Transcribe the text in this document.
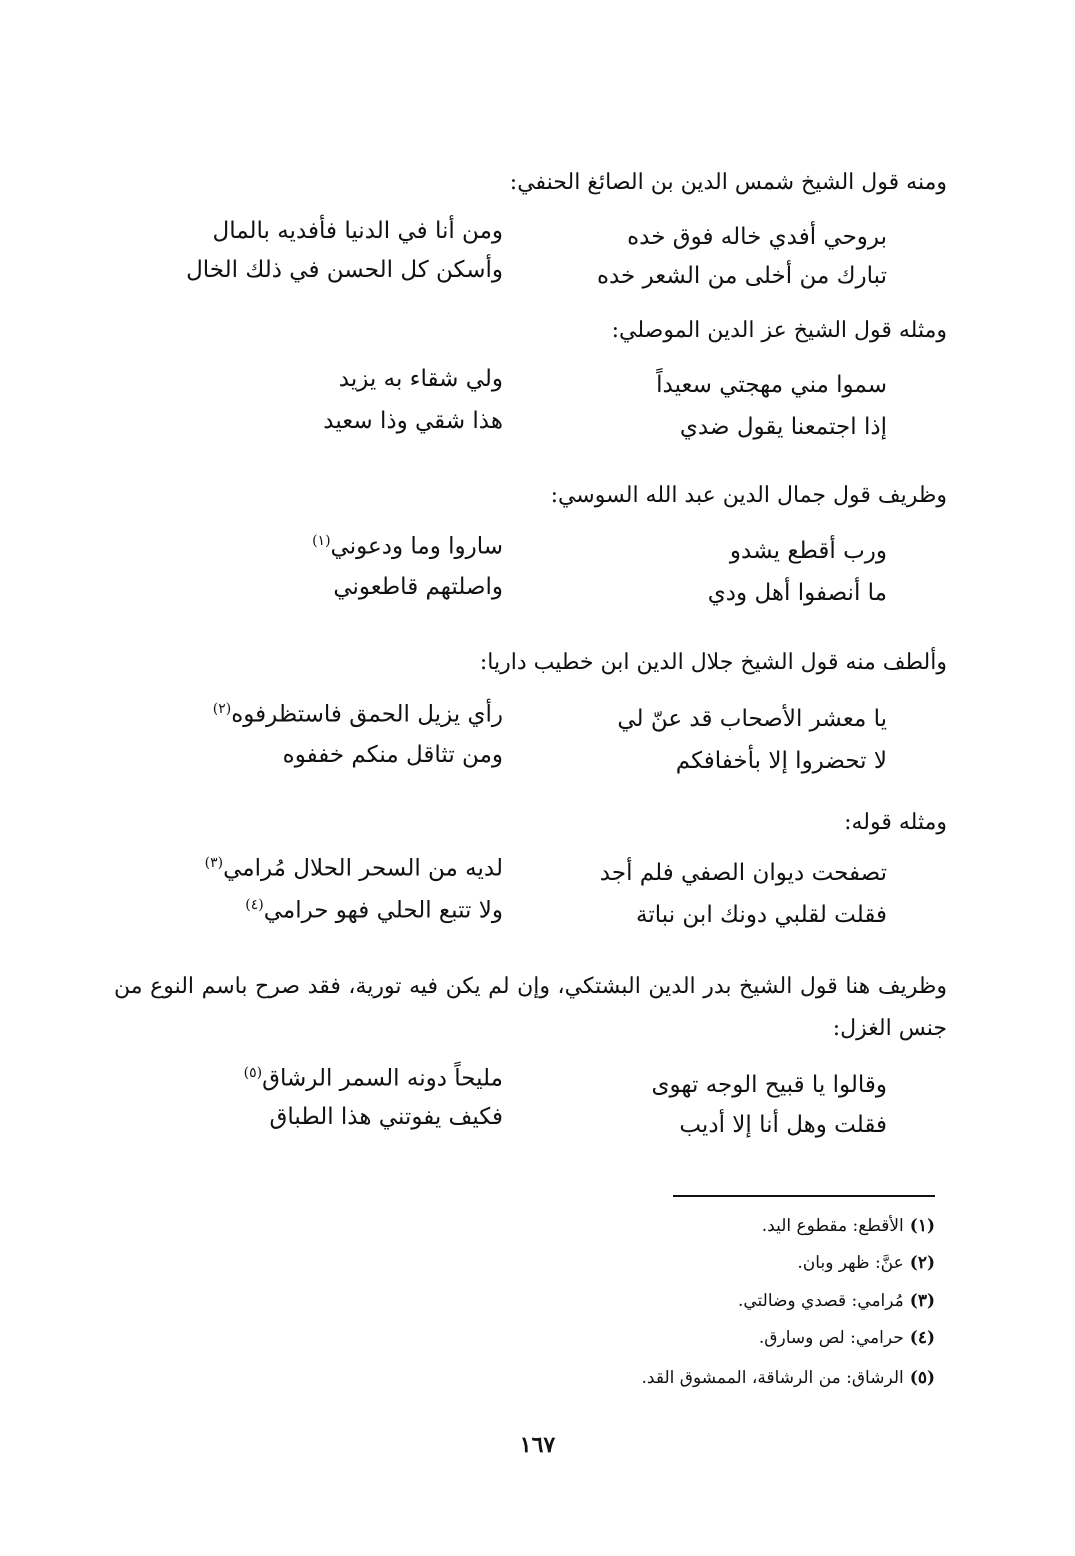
ومنه قول الشيخ شمس الدين بن الصائغ الحنفي:
بروحي أفدي خاله فوق خده
ومن أنا في الدنيا فأفديه بالمال
تبارك من أخلى من الشعر خده
وأسكن كل الحسن في ذلك الخال
ومثله قول الشيخ عز الدين الموصلي:
سموا مني مهجتي سعيداً
ولي شقاء به يزيد
إذا اجتمعنا يقول ضدي
هذا شقي وذا سعيد
وظريف قول جمال الدين عبد الله السوسي:
ورب أقطع يشدو
ساروا وما ودعوني$^{(١)}$
ما أنصفوا أهل ودي
واصلتهم قاطعوني
وألطف منه قول الشيخ جلال الدين ابن خطيب داريا:
يا معشر الأصحاب قد عنّ لي
رأي يزيل الحمق فاستظرفوه$^{(٢)}$
لا تحضروا إلا بأخفافكم
ومن تثاقل منكم خففوه
ومثله قوله:
تصفحت ديوان الصفي فلم أجد
لديه من السحر الحلال مُرامي$^{(٣)}$
فقلت لقلبي دونك ابن نباتة
ولا تتبع الحلي فهو حرامي$^{(٤)}$
وظريف هنا قول الشيخ بدر الدين البشتكي، وإن لم يكن فيه تورية، فقد صرح باسم النوع من جنس الغزل:
وقالوا يا قبيح الوجه تهوى
مليحاً دونه السمر الرشاق$^{(٥)}$
فقلت وهل أنا إلا أديب
فكيف يفوتني هذا الطباق
(١)الأقطع: مقطوع اليد.
(٢)عنَّ: ظهر وبان.
(٣)مُرامي: قصدي وضالتي.
(٤)حرامي: لص وسارق.
(٥)الرشاق: من الرشاقة، الممشوق القد.
١٦٧
